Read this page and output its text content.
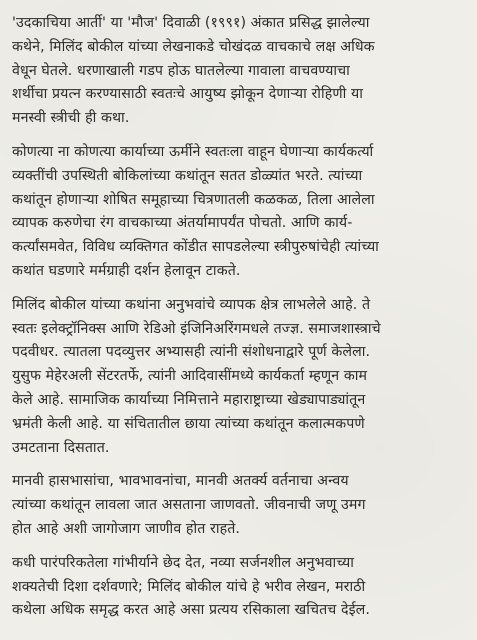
'उदकाचिया आर्ती' या 'मौज' दिवाळी (१९९१) अंकात प्रसिद्ध झालेल्या
कथेने, मिलिंद बोकील यांच्या लेखनाकडे चोखंदळ वाचकाचे लक्ष अधिक
वेधून घेतले. धरणाखाली गडप होऊ घातलेल्या गावाला वाचवण्याचा
शर्थीचा प्रयत्न करण्यासाठी स्वतःचे आयुष्य झोकून देणाऱ्या रोहिणी या
मनस्वी स्त्रीची ही कथा.
कोणत्या ना कोणत्या कार्याच्या ऊर्मीने स्वतःला वाहून घेणाऱ्या कार्यकर्त्या
व्यक्तींची उपस्थिती बोकिलांच्या कथांतून सतत डोळ्यांत भरते. त्यांच्या
कथांतून होणाऱ्या शोषित समूहाच्या चित्रणातली कळकळ, तिला आलेला
व्यापक करुणेचा रंग वाचकाच्या अंतर्यामापर्यंत पोचतो. आणि कार्य-
कर्त्यांसमवेत, विविध व्यक्तिगत कोंडीत सापडलेल्या स्त्रीपुरुषांचेही त्यांच्या
कथांत घडणारे मर्मग्राही दर्शन हेलावून टाकते.
मिलिंद बोकील यांच्या कथांना अनुभवांचे व्यापक क्षेत्र लाभलेले आहे. ते
स्वतः इलेक्ट्रॉनिक्स आणि रेडिओ इंजिनिअरिंगमधले तज्ज्ञ. समाजशास्त्राचे
पदवीधर. त्यातला पदव्युत्तर अभ्यासही त्यांनी संशोधनाद्वारे पूर्ण केलेला.
युसुफ मेहेरअली सेंटरतर्फे, त्यांनी आदिवासींमध्ये कार्यकर्ता म्हणून काम
केले आहे. सामाजिक कार्याच्या निमित्ताने महाराष्ट्राच्या खेड्यापाड्यांतून
भ्रमंती केली आहे. या संचितातील छाया त्यांच्या कथांतून कलात्मकपणे
उमटताना दिसतात.
मानवी हासभासांचा, भावभावनांचा, मानवी अतर्क्य वर्तनाचा अन्वय
त्यांच्या कथांतून लावला जात असताना जाणवतो. जीवनाची जणू उमग
होत आहे अशी जागोजाग जाणीव होत राहते.
कधी पारंपरिकतेला गांभीर्याने छेद देत, नव्या सर्जनशील अनुभवाच्या
शक्यतेची दिशा दर्शवणारे; मिलिंद बोकील यांचे हे भरीव लेखन, मराठी
कथेला अधिक समृद्ध करत आहे असा प्रत्यय रसिकाला खचितच देईल.
